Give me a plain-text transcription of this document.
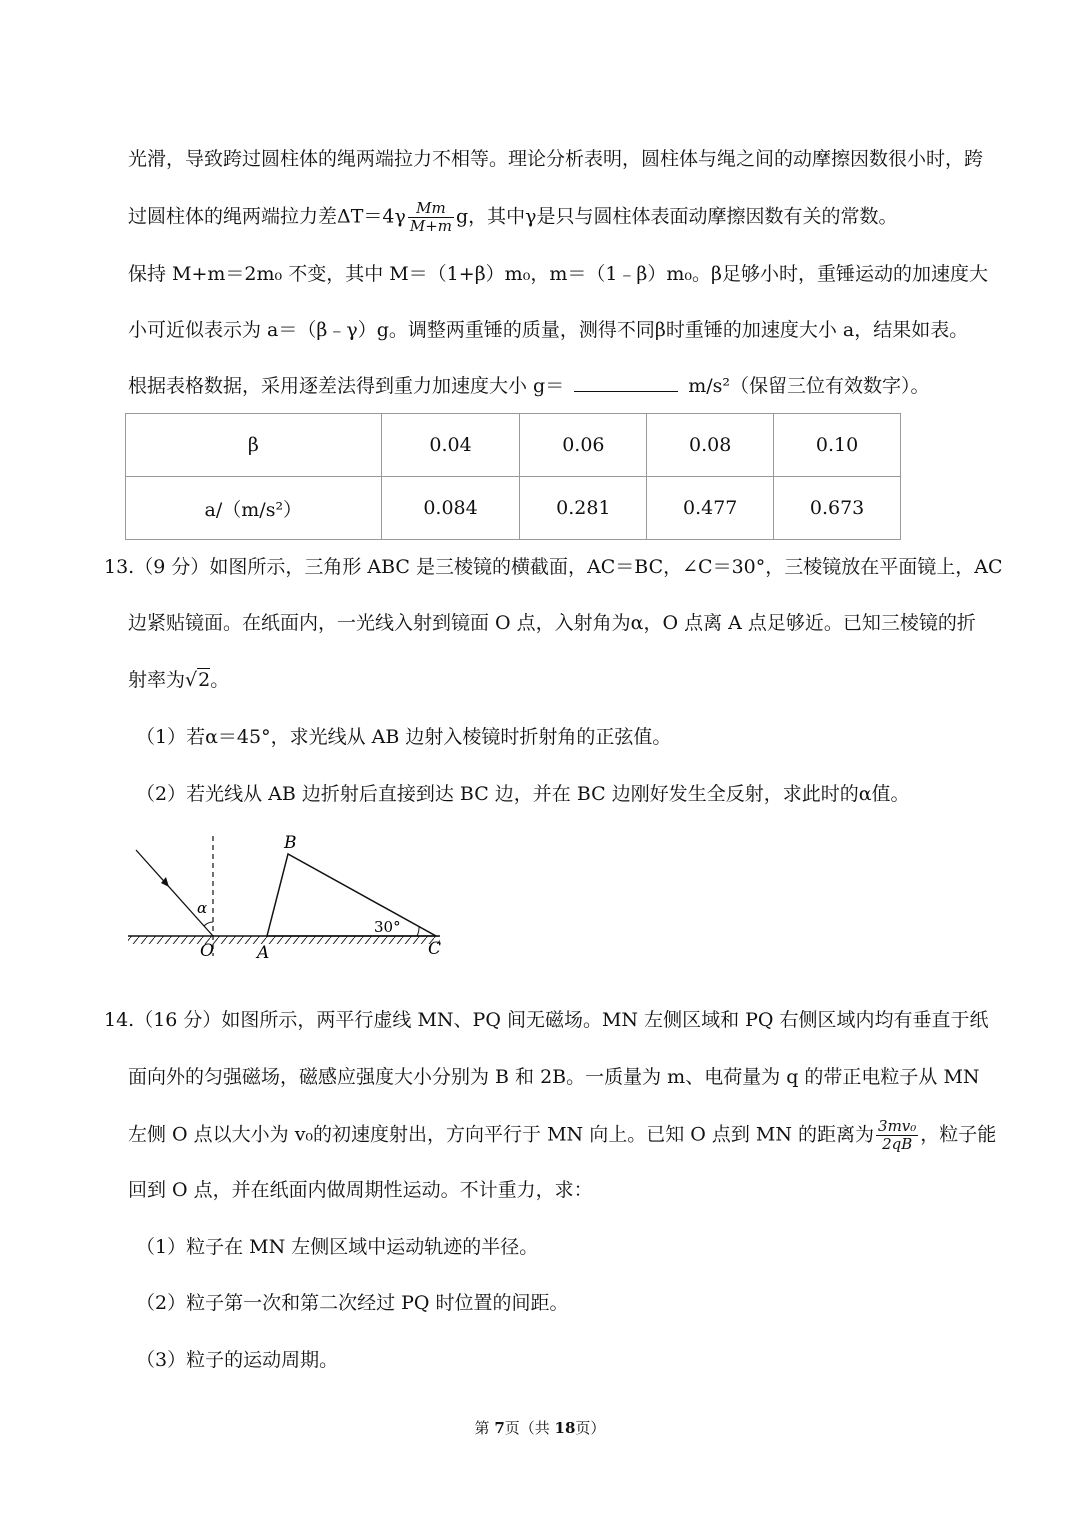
光滑，导致跨过圆柱体的绳两端拉力不相等。理论分析表明，圆柱体与绳之间的动摩擦因数很小时，跨
过圆柱体的绳两端拉力差$\Delta T=4\gamma \frac{Mm}{M+m}$ g，其中γ是只与圆柱体表面动摩擦因数有关的常数。
保持 M+m＝2m₀ 不变，其中 M＝（1+β）m₀，m＝（1﹣β）m₀。β足够小时，重锤运动的加速度大
小可近似表示为 a＝（β﹣γ）g。调整两重锤的质量，测得不同β时重锤的加速度大小 a，结果如表。
根据表格数据，采用逐差法得到重力加速度大小 g＝	m/s²（保留三位有效数字）。
β	0.04	0.06	0.08	0.10
a/（m/s²）	0.084	0.281	0.477	0.673
13.（9 分）如图所示，三角形 ABC 是三棱镜的横截面，AC＝BC，∠C＝30°，三棱镜放在平面镜上，AC
边紧贴镜面。在纸面内，一光线入射到镜面 O 点，入射角为α，O 点离 A 点足够近。已知三棱镜的折
射率为√2。
（1）若α＝45°，求光线从 AB 边射入棱镜时折射角的正弦值。
（2）若光线从 AB 边折射后直接到达 BC 边，并在 BC 边刚好发生全反射，求此时的α值。
B
A	C
O
α
30°
14.（16 分）如图所示，两平行虚线 MN、PQ 间无磁场。MN 左侧区域和 PQ 右侧区域内均有垂直于纸
面向外的匀强磁场，磁感应强度大小分别为 B 和 2B。一质量为 m、电荷量为 q 的带正电粒子从 MN
左侧 O 点以大小为 v₀的初速度射出，方向平行于 MN 向上。已知 O 点到 MN 的距离为 $\frac{\text{3mv₀}}{2qB}$ ，粒子能
回到 O 点，并在纸面内做周期性运动。不计重力，求：
（1）粒子在 MN 左侧区域中运动轨迹的半径。
（2）粒子第一次和第二次经过 PQ 时位置的间距。
（3）粒子的运动周期。
第 7页（共 18页）
